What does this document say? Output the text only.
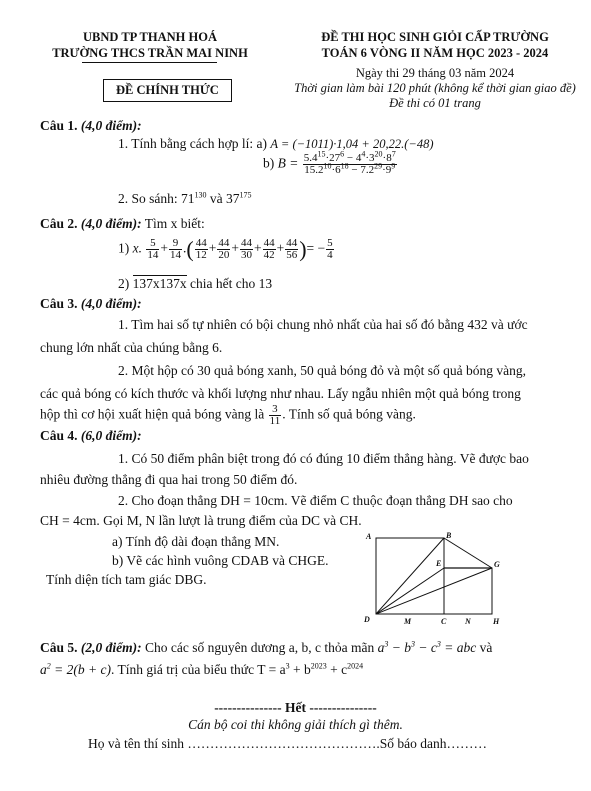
UBND TP THANH HOÁ
TRƯỜNG THCS TRẦN MAI NINH
ĐỀ THI HỌC SINH GIỎI CẤP TRƯỜNG
TOÁN 6 VÒNG II NĂM HỌC 2023 - 2024
ĐỀ CHÍNH THỨC
Ngày thi 29 tháng 03 năm 2024
Thời gian làm bài 120 phút (không kể thời gian giao đề)
Đề thi có 01 trang
Câu 1. (4,0 điểm):
1. Tính bằng cách hợp lí: a) A = (−1011)·1,04 + 20,22.(−48)
b) $B = \frac{5.4^{15}\cdot 27^6 - 4^4\cdot 3^{20}\cdot 8^7}{15.2^{10}\cdot 6^{18} - 7.2^{29}\cdot 9^9}$
2. So sánh: $71^{130}$ và $37^{175}$
Câu 2. (4,0 điểm): Tìm x biết:
1) x. $\frac{5}{14} + \frac{9}{14}$ .( $\frac{44}{12} + \frac{44}{20} + \frac{44}{30} + \frac{44}{42} + \frac{44}{56}$ )= − $\frac{5}{4}$
2) 137x137x chia hết cho 13
Câu 3. (4,0 điểm):
1. Tìm hai số tự nhiên có bội chung nhỏ nhất của hai số đó bằng 432 và ước
chung lớn nhất của chúng bằng 6.
2. Một hộp có 30 quả bóng xanh, 50 quả bóng đỏ và một số quả bóng vàng,
các quả bóng có kích thước và khối lượng như nhau. Lấy ngẫu nhiên một quả bóng trong
hộp thì cơ hội xuất hiện quả bóng vàng là $\frac{3}{11}$ . Tính số quả bóng vàng.
Câu 4. (6,0 điểm):
1. Có 50 điểm phân biệt trong đó có đúng 10 điểm thẳng hàng. Vẽ được bao
nhiêu đường thẳng đi qua hai trong 50 điểm đó.
2. Cho đoạn thẳng DH = 10cm. Vẽ điểm C thuộc đoạn thẳng DH sao cho
CH = 4cm. Gọi M, N lần lượt là trung điểm của DC và CH.
a) Tính độ dài đoạn thẳng MN.
b) Vẽ các hình vuông CDAB và CHGE.
Tính diện tích tam giác DBG.
A	B
E	G
D	M	C N	H
Câu 5. (2,0 điểm): Cho các số nguyên dương a, b, c thỏa mãn $a^3 - b^3 - c^3$ = abc và
$a^2 = 2(b + c)$. Tính giá trị của biểu thức $T = a^3 + b^{2023} + c^{2024}$
--------------- Hết ---------------
Cán bộ coi thi không giải thích gì thêm.
Họ và tên thí sinh …………………………………….Số báo danh………
